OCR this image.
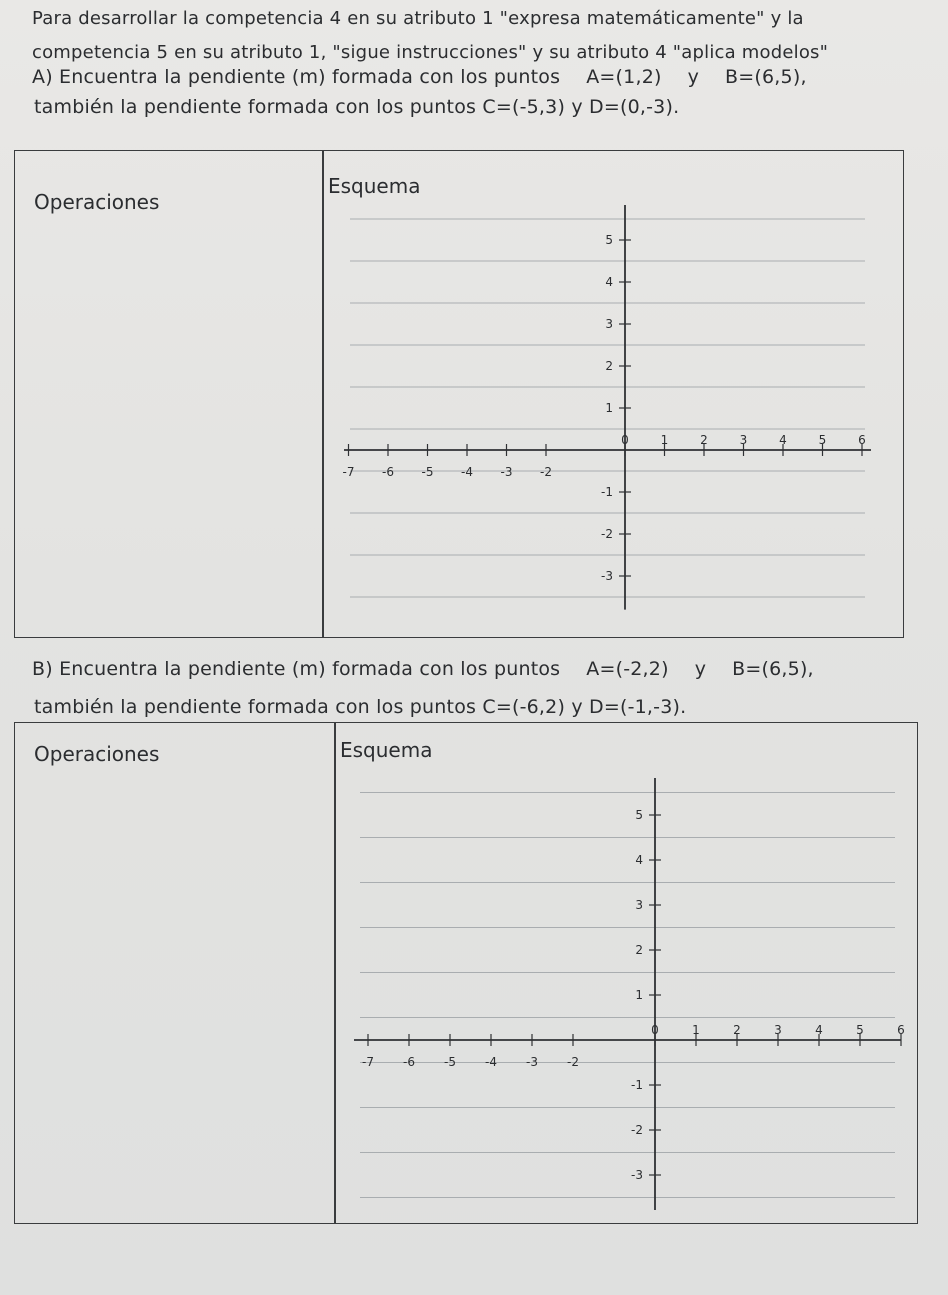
Para desarrollar la competencia 4 en su atributo 1 "expresa matemáticamente" y la
competencia 5 en su atributo 1, "sigue instrucciones" y su atributo 4 "aplica modelos"
A) Encuentra la pendiente (m) formada con los puntos A=(1,2) y B=(6,5),
también la pendiente formada con los puntos C=(-5,3) y D=(0,-3).
Operaciones
Esquema
-7 -6 -5 -4 -3 -2
0	1	2	3	4	5	6
5
4
3
2
1
-1
-2
-3
B) Encuentra la pendiente (m) formada con los puntos A=(-2,2) y B=(6,5),
también la pendiente formada con los puntos C=(-6,2) y D=(-1,-3).
Operaciones	Esquema
-7 -6 -5 -4 -3 -2
0	1	2	3	4	5	6
5
4
3
2
1
-1
-2
-3
